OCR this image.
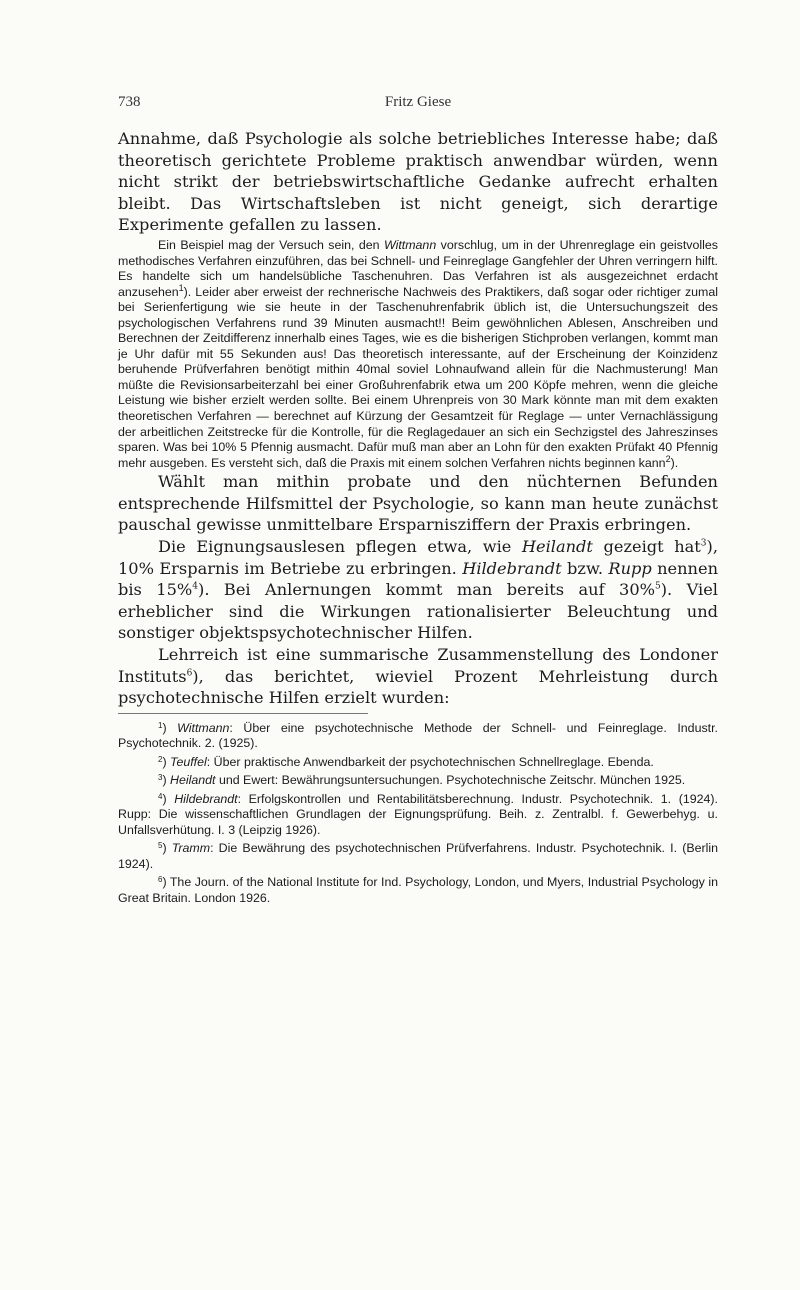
738	Fritz Giese

Annahme, daß Psychologie als solche betriebliches Interesse habe; daß theoretisch gerichtete Probleme praktisch anwendbar würden, wenn nicht strikt der betriebswirtschaftliche Gedanke aufrecht erhalten bleibt. Das Wirtschaftsleben ist nicht geneigt, sich derartige Experimente gefallen zu lassen.

Ein Beispiel mag der Versuch sein, den Wittmann vorschlug, um in der Uhrenreglage ein geistvolles methodisches Verfahren einzuführen, das bei Schnell- und Feinreglage Gangfehler der Uhren verringern hilft. Es handelte sich um handelsübliche Taschenuhren. Das Verfahren ist als ausgezeichnet erdacht anzusehen$^1$). Leider aber erweist der rechnerische Nachweis des Praktikers, daß sogar oder richtiger zumal bei Serienfertigung wie sie heute in der Taschenuhrenfabrik üblich ist, die Untersuchungszeit des psychologischen Verfahrens rund 39 Minuten ausmacht!! Beim gewöhnlichen Ablesen, Anschreiben und Berechnen der Zeitdifferenz innerhalb eines Tages, wie es die bisherigen Stichproben verlangen, kommt man je Uhr dafür mit 55 Sekunden aus! Das theoretisch interessante, auf der Erscheinung der Koinzidenz beruhende Prüfverfahren benötigt mithin 40mal soviel Lohnaufwand allein für die Nachmusterung! Man müßte die Revisionsarbeiterzahl bei einer Großuhrenfabrik etwa um 200 Köpfe mehren, wenn die gleiche Leistung wie bisher erzielt werden sollte. Bei einem Uhrenpreis von 30 Mark könnte man mit dem exakten theoretischen Verfahren — berechnet auf Kürzung der Gesamtzeit für Reglage — unter Vernachlässigung der arbeitlichen Zeitstrecke für die Kontrolle, für die Reglagedauer an sich ein Sechzigstel des Jahreszinses sparen. Was bei 10% 5 Pfennig ausmacht. Dafür muß man aber an Lohn für den exakten Prüfakt 40 Pfennig mehr ausgeben. Es versteht sich, daß die Praxis mit einem solchen Verfahren nichts beginnen kann$^2$).

Wählt man mithin probate und den nüchternen Befunden entsprechende Hilfsmittel der Psychologie, so kann man heute zunächst pauschal gewisse unmittelbare Ersparnisziffern der Praxis erbringen.

Die Eignungsauslesen pflegen etwa, wie Heilandt gezeigt hat$^3$), 10% Ersparnis im Betriebe zu erbringen. Hildebrandt bzw. Rupp nennen bis 15%$^4$). Bei Anlernungen kommt man bereits auf 30%$^5$). Viel erheblicher sind die Wirkungen rationalisierter Beleuchtung und sonstiger objektspsychotechnischer Hilfen.

Lehrreich ist eine summarische Zusammenstellung des Londoner Instituts$^6$), das berichtet, wieviel Prozent Mehrleistung durch psychotechnische Hilfen erzielt wurden:

$^1$) Wittmann: Über eine psychotechnische Methode der Schnell- und Feinreglage. Industr. Psychotechnik. 2. (1925).

$^2$) Teuffel: Über praktische Anwendbarkeit der psychotechnischen Schnellreglage. Ebenda.

$^3$) Heilandt und Ewert: Bewährungsuntersuchungen. Psychotechnische Zeitschr. München 1925.

$^4$) Hildebrandt: Erfolgskontrollen und Rentabilitätsberechnung. Industr. Psychotechnik. 1. (1924). Rupp: Die wissenschaftlichen Grundlagen der Eignungsprüfung. Beih. z. Zentralbl. f. Gewerbehyg. u. Unfallsverhütung. I. 3 (Leipzig 1926).

$^5$) Tramm: Die Bewährung des psychotechnischen Prüfverfahrens. Industr. Psychotechnik. I. (Berlin 1924).

$^6$) The Journ. of the National Institute for Ind. Psychology, London, und Myers, Industrial Psychology in Great Britain. London 1926.
